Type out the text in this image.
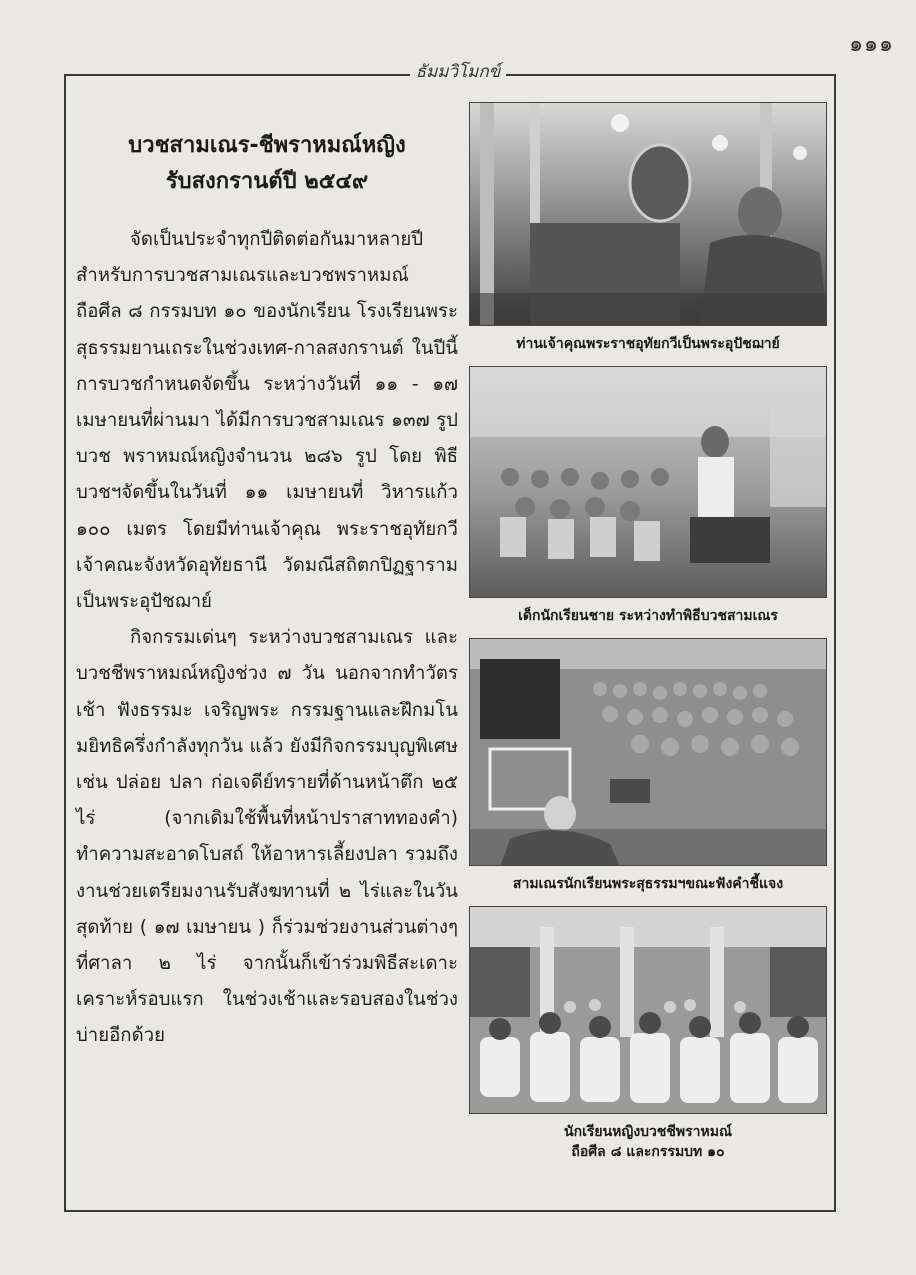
๑๑๑
ธัมมวิโมกข์
บวชสามเณร-ชีพราหมณ์หญิง
รับสงกรานต์ปี ๒๕๔๙

จัดเป็นประจำทุกปีติดต่อกันมาหลายปี สำหรับการบวชสามเณรและบวชพราหมณ์ ถือศีล ๘ กรรมบท ๑๐ ของนักเรียน โรงเรียนพระสุธรรมยานเถระในช่วงเทศ-กาลสงกรานต์ ในปีนี้การบวชกำหนดจัดขึ้น ระหว่างวันที่ ๑๑ - ๑๗ เมษายนที่ผ่านมา ได้มีการบวชสามเณร ๑๓๗ รูป บวช พราหมณ์หญิงจำนวน ๒๘๖ รูป โดย พิธีบวชฯจัดขึ้นในวันที่ ๑๑ เมษายนที่ วิหารแก้ว ๑๐๐ เมตร โดยมีท่านเจ้าคุณ พระราชอุทัยกวี เจ้าคณะจังหวัดอุทัยธานี วัดมณีสถิตกปิฏฐารามเป็นพระอุปัชฌาย์

กิจกรรมเด่นๆ ระหว่างบวชสามเณร และบวชชีพราหมณ์หญิงช่วง ๗ วัน นอกจากทำวัตรเช้า ฟังธรรมะ เจริญพระ กรรมฐานและฝึกมโนมยิทธิครึ่งกำลังทุกวัน แล้ว ยังมีกิจกรรมบุญพิเศษ เช่น ปล่อย ปลา ก่อเจดีย์ทรายที่ด้านหน้าตึก ๒๕ ไร่ (จากเดิมใช้พื้นที่หน้าปราสาททองคำ) ทำความสะอาดโบสถ์ ให้อาหารเลี้ยงปลา รวมถึงงานช่วยเตรียมงานรับสังฆทานที่ ๒ ไร่และในวันสุดท้าย ( ๑๗ เมษายน ) ก็ร่วมช่วยงานส่วนต่างๆ ที่ศาลา ๒ ไร่ จากนั้นก็เข้าร่วมพิธีสะเดาะเคราะห์รอบแรก ในช่วงเช้าและรอบสองในช่วงบ่ายอีกด้วย

ท่านเจ้าคุณพระราชอุทัยกวีเป็นพระอุปัชฌาย์
เด็กนักเรียนชาย ระหว่างทำพิธีบวชสามเณร
สามเณรนักเรียนพระสุธรรมฯขณะฟังคำชี้แจง
นักเรียนหญิงบวชชีพราหมณ์
ถือศีล ๘ และกรรมบท ๑๐
